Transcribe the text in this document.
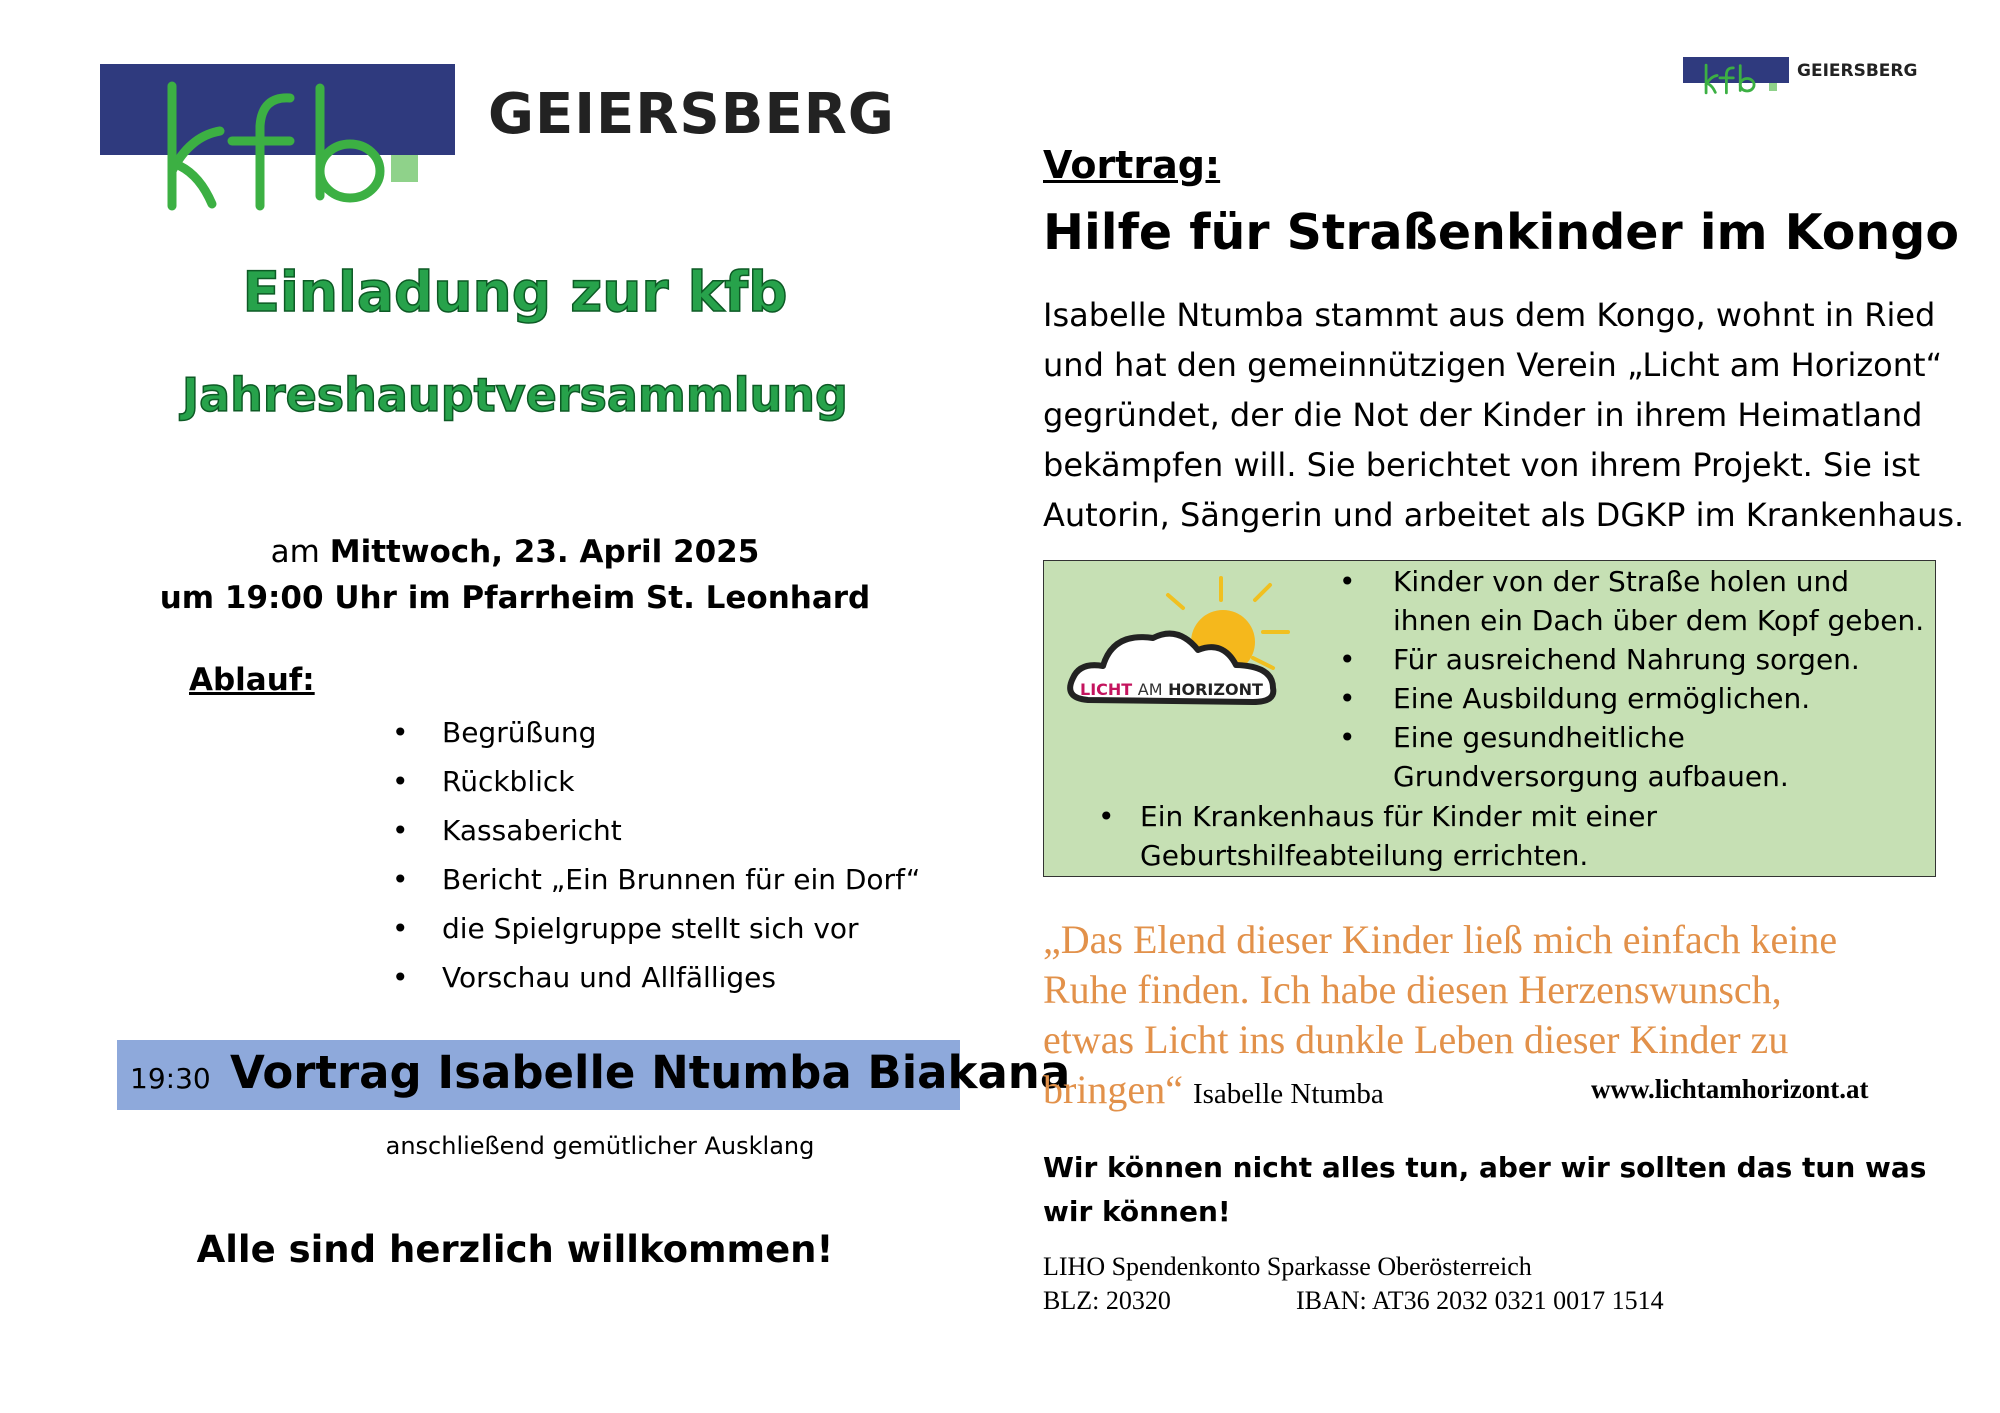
GEIERSBERG
Einladung zur kfb
Jahreshauptversammlung
am Mittwoch, 23. April 2025
um 19:00 Uhr im Pfarrheim St. Leonhard
Ablauf:
• Begrüßung
• Rückblick
• Kassabericht
• Bericht „Ein Brunnen für ein Dorf“
• die Spielgruppe stellt sich vor
• Vorschau und Allfälliges
19:30 Vortrag Isabelle Ntumba Biakana
anschließend gemütlicher Ausklang
Alle sind herzlich willkommen!
GEIERSBERG
Vortrag:
Hilfe für Straßenkinder im Kongo
Isabelle Ntumba stammt aus dem Kongo, wohnt in Ried
und hat den gemeinnützigen Verein „Licht am Horizont“
gegründet, der die Not der Kinder in ihrem Heimatland
bekämpfen will. Sie berichtet von ihrem Projekt. Sie ist
Autorin, Sängerin und arbeitet als DGKP im Krankenhaus.
LICHT AM HORIZONT
• Kinder von der Straße holen und ihnen ein Dach über dem Kopf geben.
• Für ausreichend Nahrung sorgen.
• Eine Ausbildung ermöglichen.
• Eine gesundheitliche Grundversorgung aufbauen.
• Ein Krankenhaus für Kinder mit einer Geburtshilfeabteilung errichten.
„Das Elend dieser Kinder ließ mich einfach keine
Ruhe finden. Ich habe diesen Herzenswunsch,
etwas Licht ins dunkle Leben dieser Kinder zu
bringen“ Isabelle Ntumba	www.lichtamhorizont.at
Wir können nicht alles tun, aber wir sollten das tun was wir können!
LIHO Spendenkonto Sparkasse Oberösterreich
BLZ: 20320	IBAN: AT36 2032 0321 0017 1514
